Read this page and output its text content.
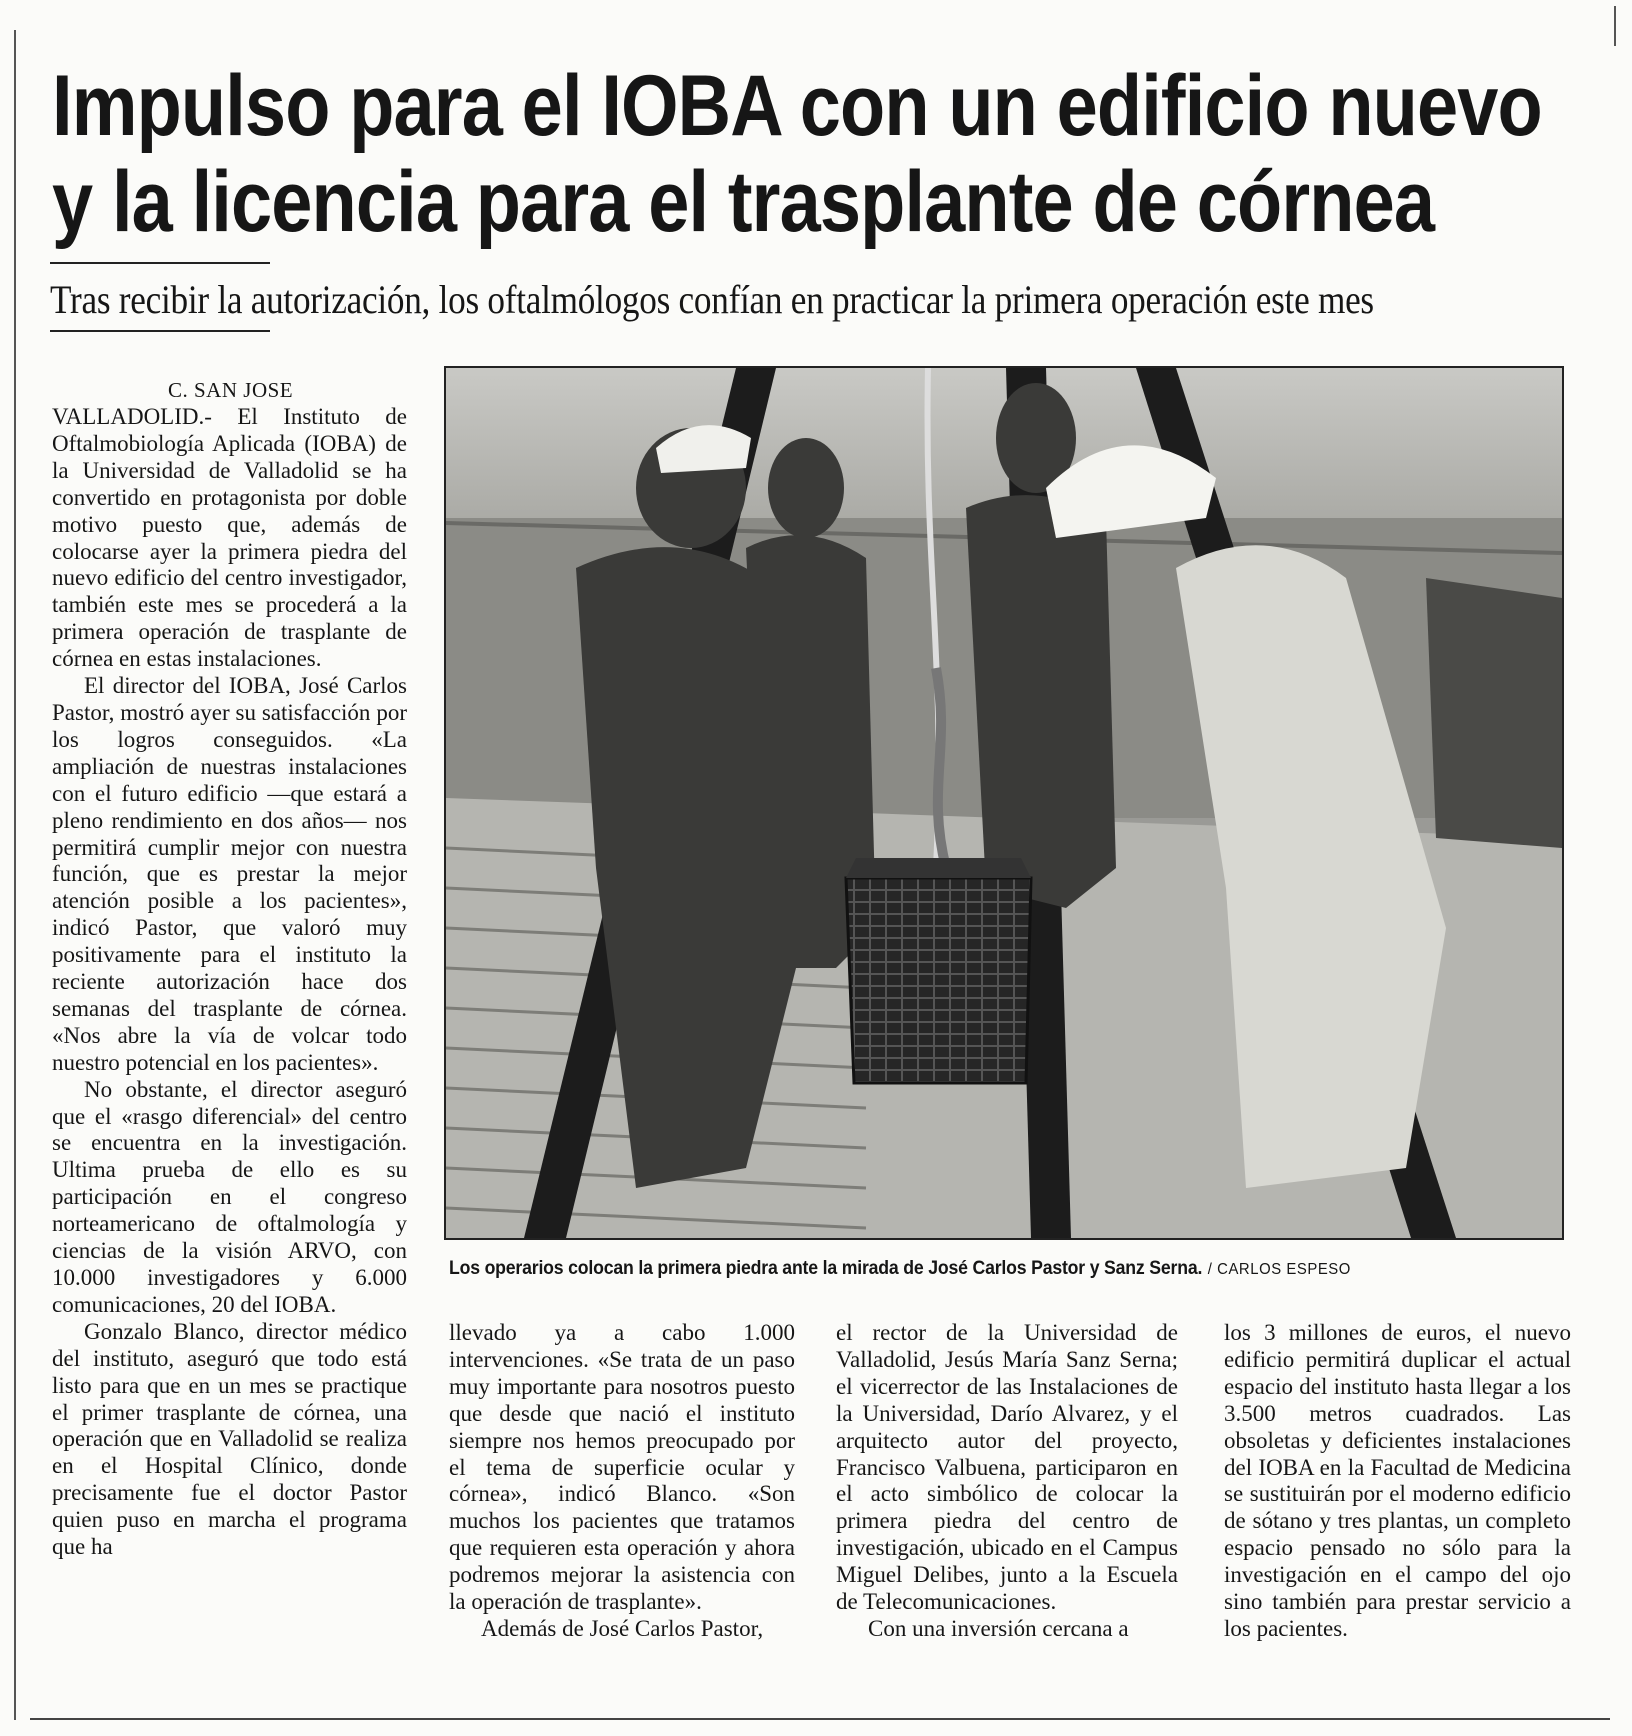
Impulso para el IOBA con un edificio nuevo
y la licencia para el trasplante de córnea
Tras recibir la autorización, los oftalmólogos confían en practicar la primera operación este mes
C. SAN JOSE

VALLADOLID.- El Instituto de Oftalmobiología Aplicada (IOBA) de la Universidad de Valladolid se ha convertido en protagonista por doble motivo puesto que, además de colocarse ayer la primera piedra del nuevo edificio del centro investigador, también este mes se procederá a la primera operación de trasplante de córnea en estas instalaciones.

El director del IOBA, José Carlos Pastor, mostró ayer su satisfacción por los logros conseguidos. «La ampliación de nuestras instalaciones con el futuro edificio —que estará a pleno rendimiento en dos años— nos permitirá cumplir mejor con nuestra función, que es prestar la mejor atención posible a los pacientes», indicó Pastor, que valoró muy positivamente para el instituto la reciente autorización hace dos semanas del trasplante de córnea. «Nos abre la vía de volcar todo nuestro potencial en los pacientes».

No obstante, el director aseguró que el «rasgo diferencial» del centro se encuentra en la investigación. Ultima prueba de ello es su participación en el congreso norteamericano de oftalmología y ciencias de la visión ARVO, con 10.000 investigadores y 6.000 comunicaciones, 20 del IOBA.

Gonzalo Blanco, director médico del instituto, aseguró que todo está listo para que en un mes se practique el primer trasplante de córnea, una operación que en Valladolid se realiza en el Hospital Clínico, donde precisamente fue el doctor Pastor quien puso en marcha el programa que ha

Los operarios colocan la primera piedra ante la mirada de José Carlos Pastor y Sanz Serna. / CARLOS ESPESO

llevado ya a cabo 1.000 intervenciones. «Se trata de un paso muy importante para nosotros puesto que desde que nació el instituto siempre nos hemos preocupado por el tema de superficie ocular y córnea», indicó Blanco. «Son muchos los pacientes que tratamos que requieren esta operación y ahora podremos mejorar la asistencia con la operación de trasplante».

Además de José Carlos Pastor,

el rector de la Universidad de Valladolid, Jesús María Sanz Serna; el vicerrector de las Instalaciones de la Universidad, Darío Alvarez, y el arquitecto autor del proyecto, Francisco Valbuena, participaron en el acto simbólico de colocar la primera piedra del centro de investigación, ubicado en el Campus Miguel Delibes, junto a la Escuela de Telecomunicaciones.

Con una inversión cercana a

los 3 millones de euros, el nuevo edificio permitirá duplicar el actual espacio del instituto hasta llegar a los 3.500 metros cuadrados. Las obsoletas y deficientes instalaciones del IOBA en la Facultad de Medicina se sustituirán por el moderno edificio de sótano y tres plantas, un completo espacio pensado no sólo para la investigación en el campo del ojo sino también para prestar servicio a los pacientes.
